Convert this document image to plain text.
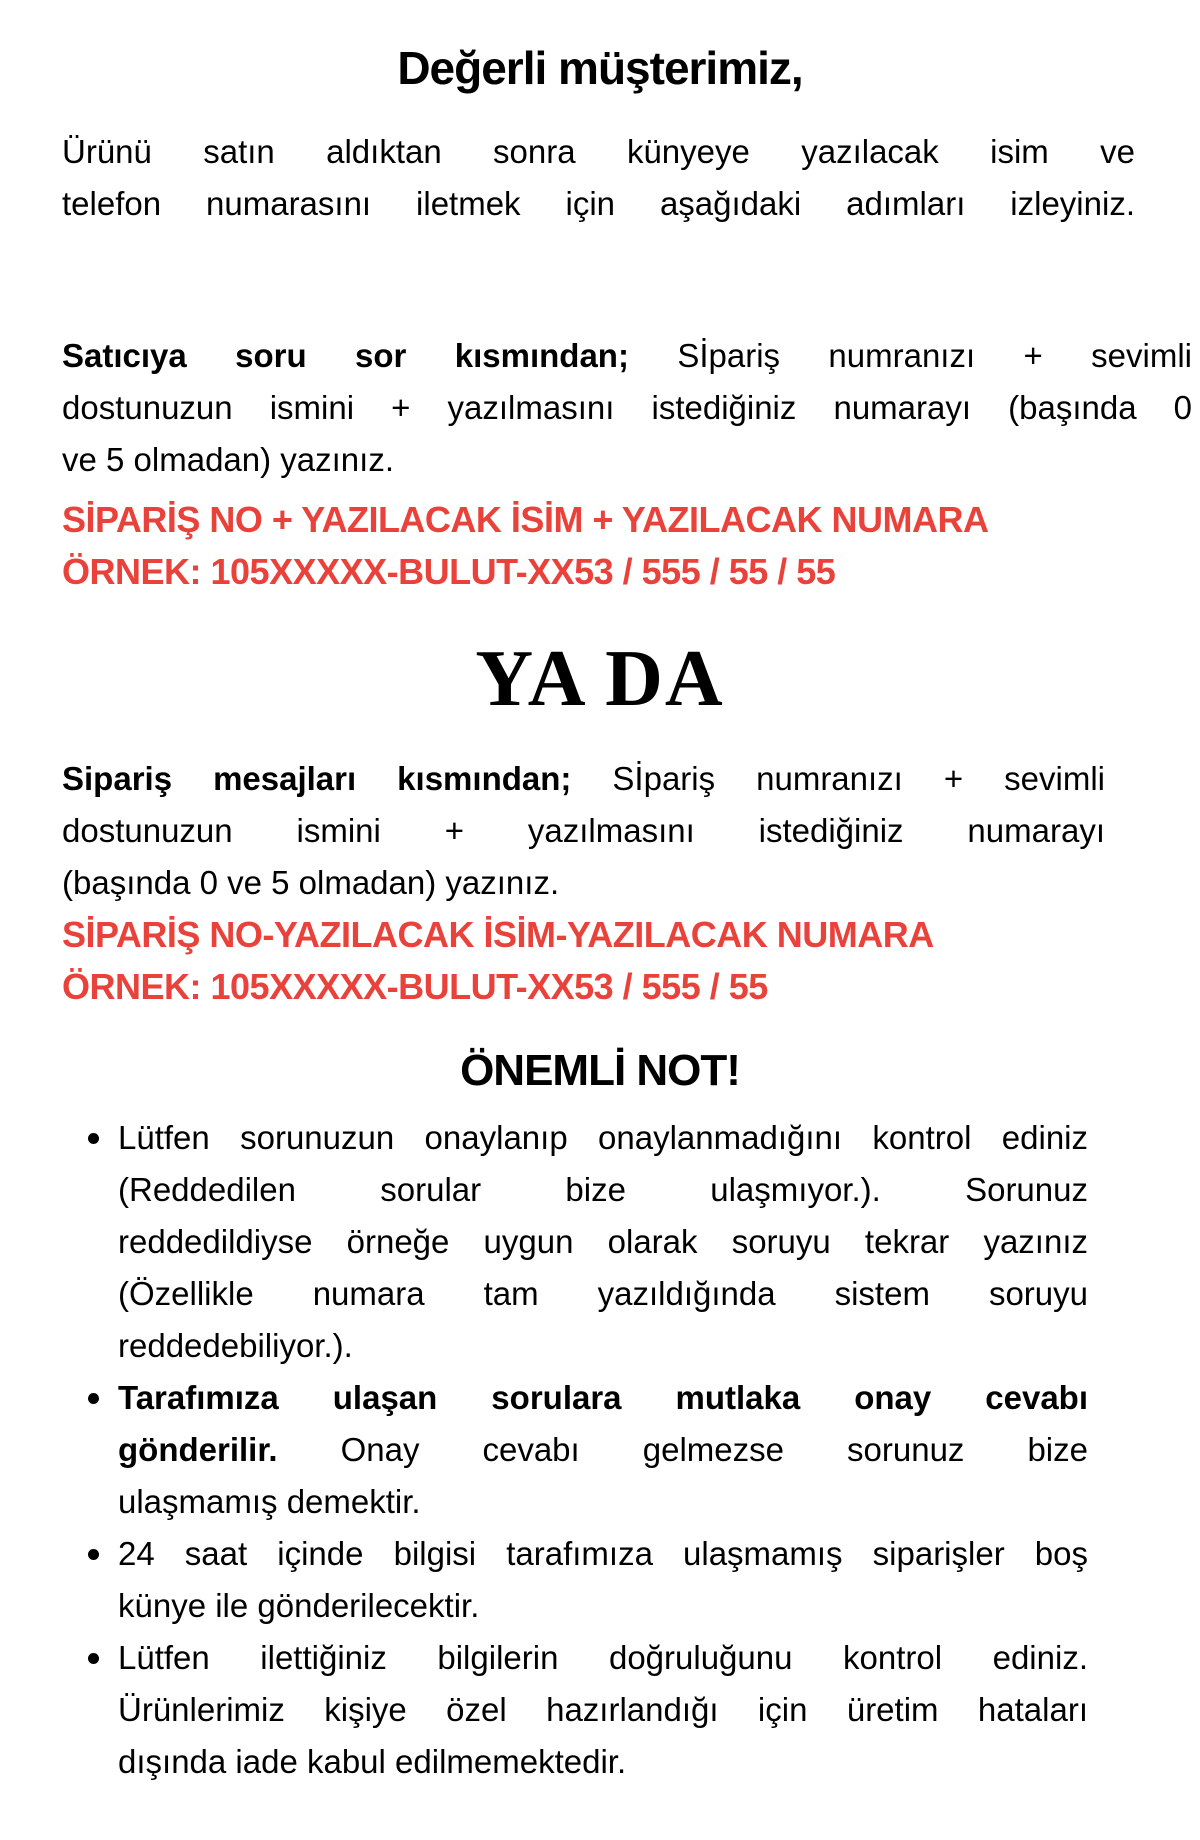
Değerli müşterimiz,
Ürünü satın aldıktan sonra künyeye yazılacak isim ve
telefon numarasını iletmek için aşağıdaki adımları izleyiniz.
Satıcıya soru sor kısmından; Sİpariş numranızı + sevimli
dostunuzun ismini + yazılmasını istediğiniz numarayı (başında 0
ve 5 olmadan) yazınız.
SİPARİŞ NO + YAZILACAK İSİM + YAZILACAK NUMARA
ÖRNEK: 105XXXXX-BULUT-XX53 / 555 / 55 / 55
YA DA
Sipariş mesajları kısmından; Sİpariş numranızı + sevimli
dostunuzun ismini + yazılmasını istediğiniz numarayı
(başında 0 ve 5 olmadan) yazınız.
SİPARİŞ NO-YAZILACAK İSİM-YAZILACAK NUMARA
ÖRNEK: 105XXXXX-BULUT-XX53 / 555 / 55
ÖNEMLİ NOT!
Lütfen sorunuzun onaylanıp onaylanmadığını kontrol ediniz
(Reddedilen sorular bize ulaşmıyor.). Sorunuz
reddedildiyse örneğe uygun olarak soruyu tekrar yazınız
(Özellikle numara tam yazıldığında sistem soruyu
reddedebiliyor.).
Tarafımıza ulaşan sorulara mutlaka onay cevabı
gönderilir. Onay cevabı gelmezse sorunuz bize
ulaşmamış demektir.
24 saat içinde bilgisi tarafımıza ulaşmamış siparişler boş
künye ile gönderilecektir.
Lütfen ilettiğiniz bilgilerin doğruluğunu kontrol ediniz.
Ürünlerimiz kişiye özel hazırlandığı için üretim hataları
dışında iade kabul edilmemektedir.
